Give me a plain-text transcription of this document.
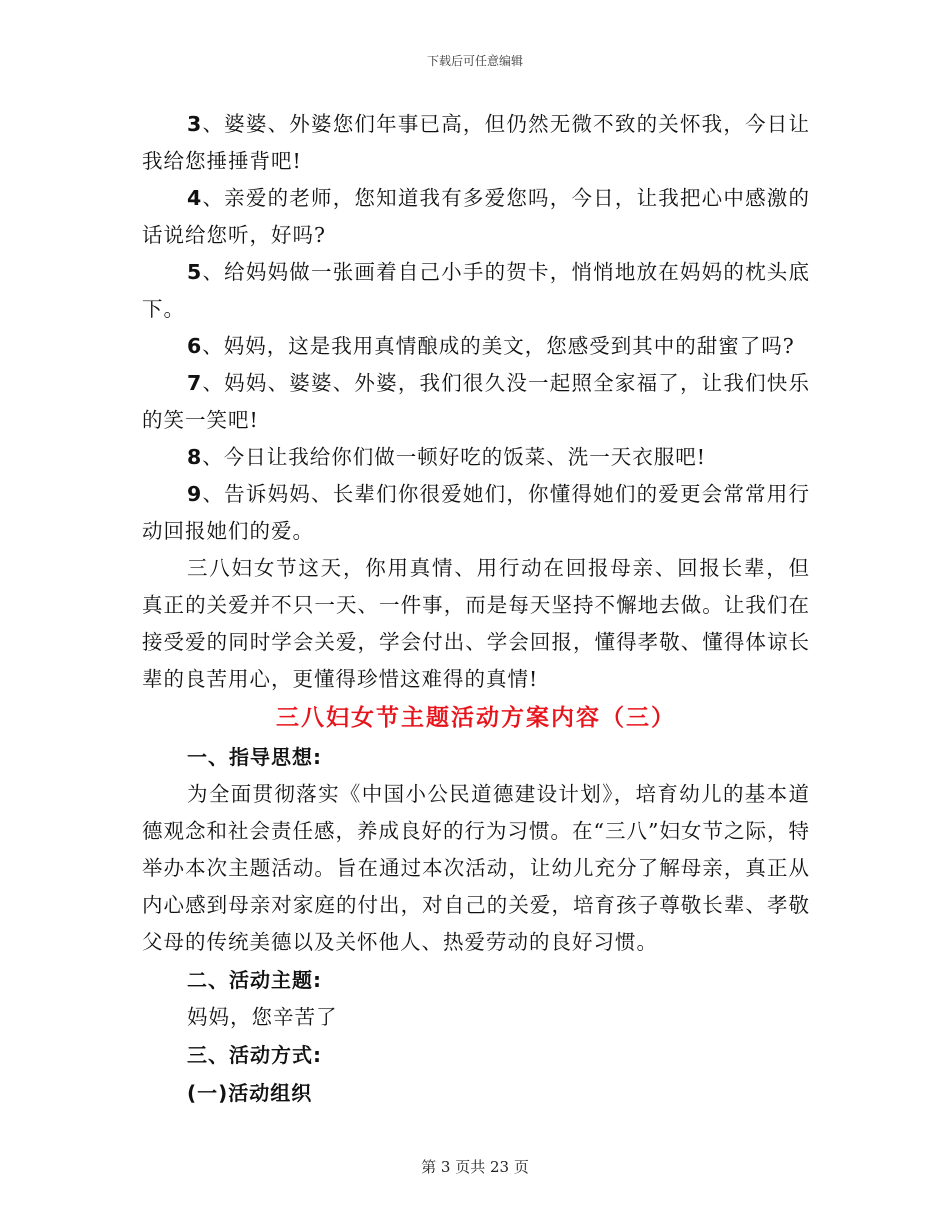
下载后可任意编辑

3、婆婆、外婆您们年事已高，但仍然无微不致的关怀我，今日让我给您捶捶背吧!

4、亲爱的老师，您知道我有多爱您吗，今日，让我把心中感激的话说给您听，好吗?

5、给妈妈做一张画着自己小手的贺卡，悄悄地放在妈妈的枕头底下。

6、妈妈，这是我用真情酿成的美文，您感受到其中的甜蜜了吗?

7、妈妈、婆婆、外婆，我们很久没一起照全家福了，让我们快乐的笑一笑吧!

8、今日让我给你们做一顿好吃的饭菜、洗一天衣服吧!

9、告诉妈妈、长辈们你很爱她们，你懂得她们的爱更会常常用行动回报她们的爱。

三八妇女节这天，你用真情、用行动在回报母亲、回报长辈，但真正的关爱并不只一天、一件事，而是每天坚持不懈地去做。让我们在接受爱的同时学会关爱，学会付出、学会回报，懂得孝敬、懂得体谅长辈的良苦用心，更懂得珍惜这难得的真情!

三八妇女节主题活动方案内容（三）

一、指导思想:

为全面贯彻落实《中国小公民道德建设计划》，培育幼儿的基本道德观念和社会责任感，养成良好的行为习惯。在“三八”妇女节之际，特举办本次主题活动。旨在通过本次活动，让幼儿充分了解母亲，真正从内心感到母亲对家庭的付出，对自己的关爱，培育孩子尊敬长辈、孝敬父母的传统美德以及关怀他人、热爱劳动的良好习惯。

二、活动主题:

妈妈，您辛苦了

三、活动方式:

(一)活动组织

第 3 页共 23 页
